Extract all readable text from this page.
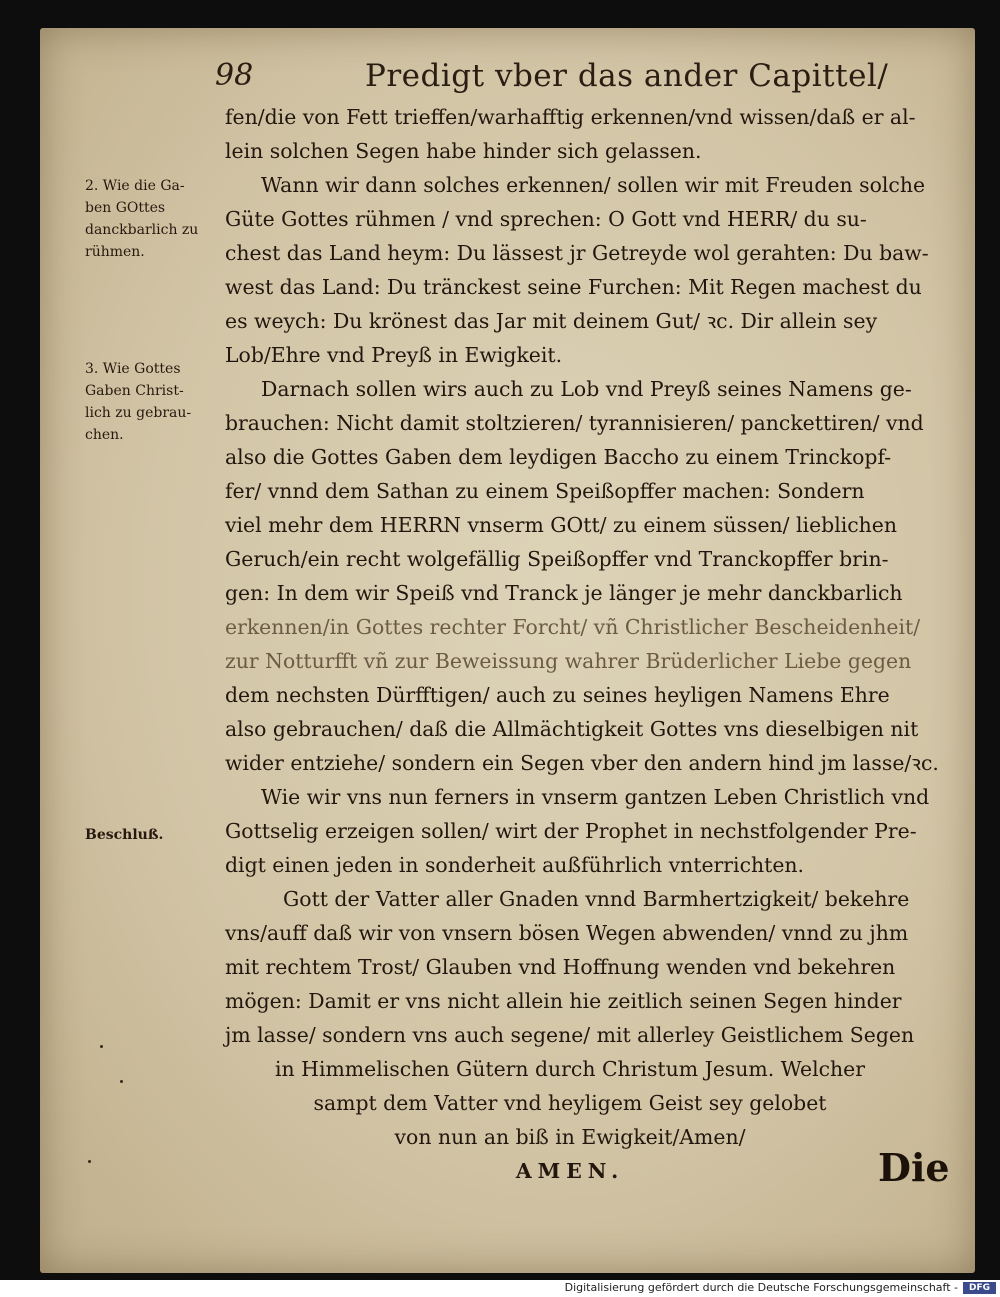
98	Predigt vber das ander Capittel/
2. Wie die Ga-
ben GOttes
danckbarlich zu
rühmen.
3. Wie Gottes
Gaben Christ-
lich zu gebrau-
chen.
Beschluß.
fen/die von Fett trieffen/warhafftig erkennen/vnd wissen/daß er al-
lein solchen Segen habe hinder sich gelassen.
Wann wir dann solches erkennen/ sollen wir mit Freuden solche
Güte Gottes rühmen / vnd sprechen: O Gott vnd HERR/ du su-
chest das Land heym: Du lässest jr Getreyde wol gerahten: Du baw-
west das Land: Du tränckest seine Furchen: Mit Regen machest du
es weych: Du krönest das Jar mit deinem Gut/ ꝛc. Dir allein sey
Lob/Ehre vnd Preyß in Ewigkeit.
Darnach sollen wirs auch zu Lob vnd Preyß seines Namens ge-
brauchen: Nicht damit stoltzieren/ tyrannisieren/ panckettiren/ vnd
also die Gottes Gaben dem leydigen Baccho zu einem Trinckopf-
fer/ vnnd dem Sathan zu einem Speißopffer machen: Sondern
viel mehr dem HERRN vnserm GOtt/ zu einem süssen/ lieblichen
Geruch/ein recht wolgefällig Speißopffer vnd Tranckopffer brin-
gen: In dem wir Speiß vnd Tranck je länger je mehr danckbarlich
erkennen/in Gottes rechter Forcht/ vñ Christlicher Bescheidenheit/
zur Notturfft vñ zur Beweissung wahrer Brüderlicher Liebe gegen
dem nechsten Dürfftigen/ auch zu seines heyligen Namens Ehre
also gebrauchen/ daß die Allmächtigkeit Gottes vns dieselbigen nit
wider entziehe/ sondern ein Segen vber den andern hind jm lasse/ꝛc.
Wie wir vns nun ferners in vnserm gantzen Leben Christlich vnd
Gottselig erzeigen sollen/ wirt der Prophet in nechstfolgender Pre-
digt einen jeden in sonderheit außführlich vnterrichten.
Gott der Vatter aller Gnaden vnnd Barmhertzigkeit/ bekehre
vns/auff daß wir von vnsern bösen Wegen abwenden/ vnnd zu jhm
mit rechtem Trost/ Glauben vnd Hoffnung wenden vnd bekehren
mögen: Damit er vns nicht allein hie zeitlich seinen Segen hinder
jm lasse/ sondern vns auch segene/ mit allerley Geistlichem Segen
in Himmelischen Gütern durch Christum Jesum. Welcher
sampt dem Vatter vnd heyligem Geist sey gelobet
von nun an biß in Ewigkeit/Amen/
AMEN.	Die
Digitalisierung gefördert durch die Deutsche Forschungsgemeinschaft -	DFG
